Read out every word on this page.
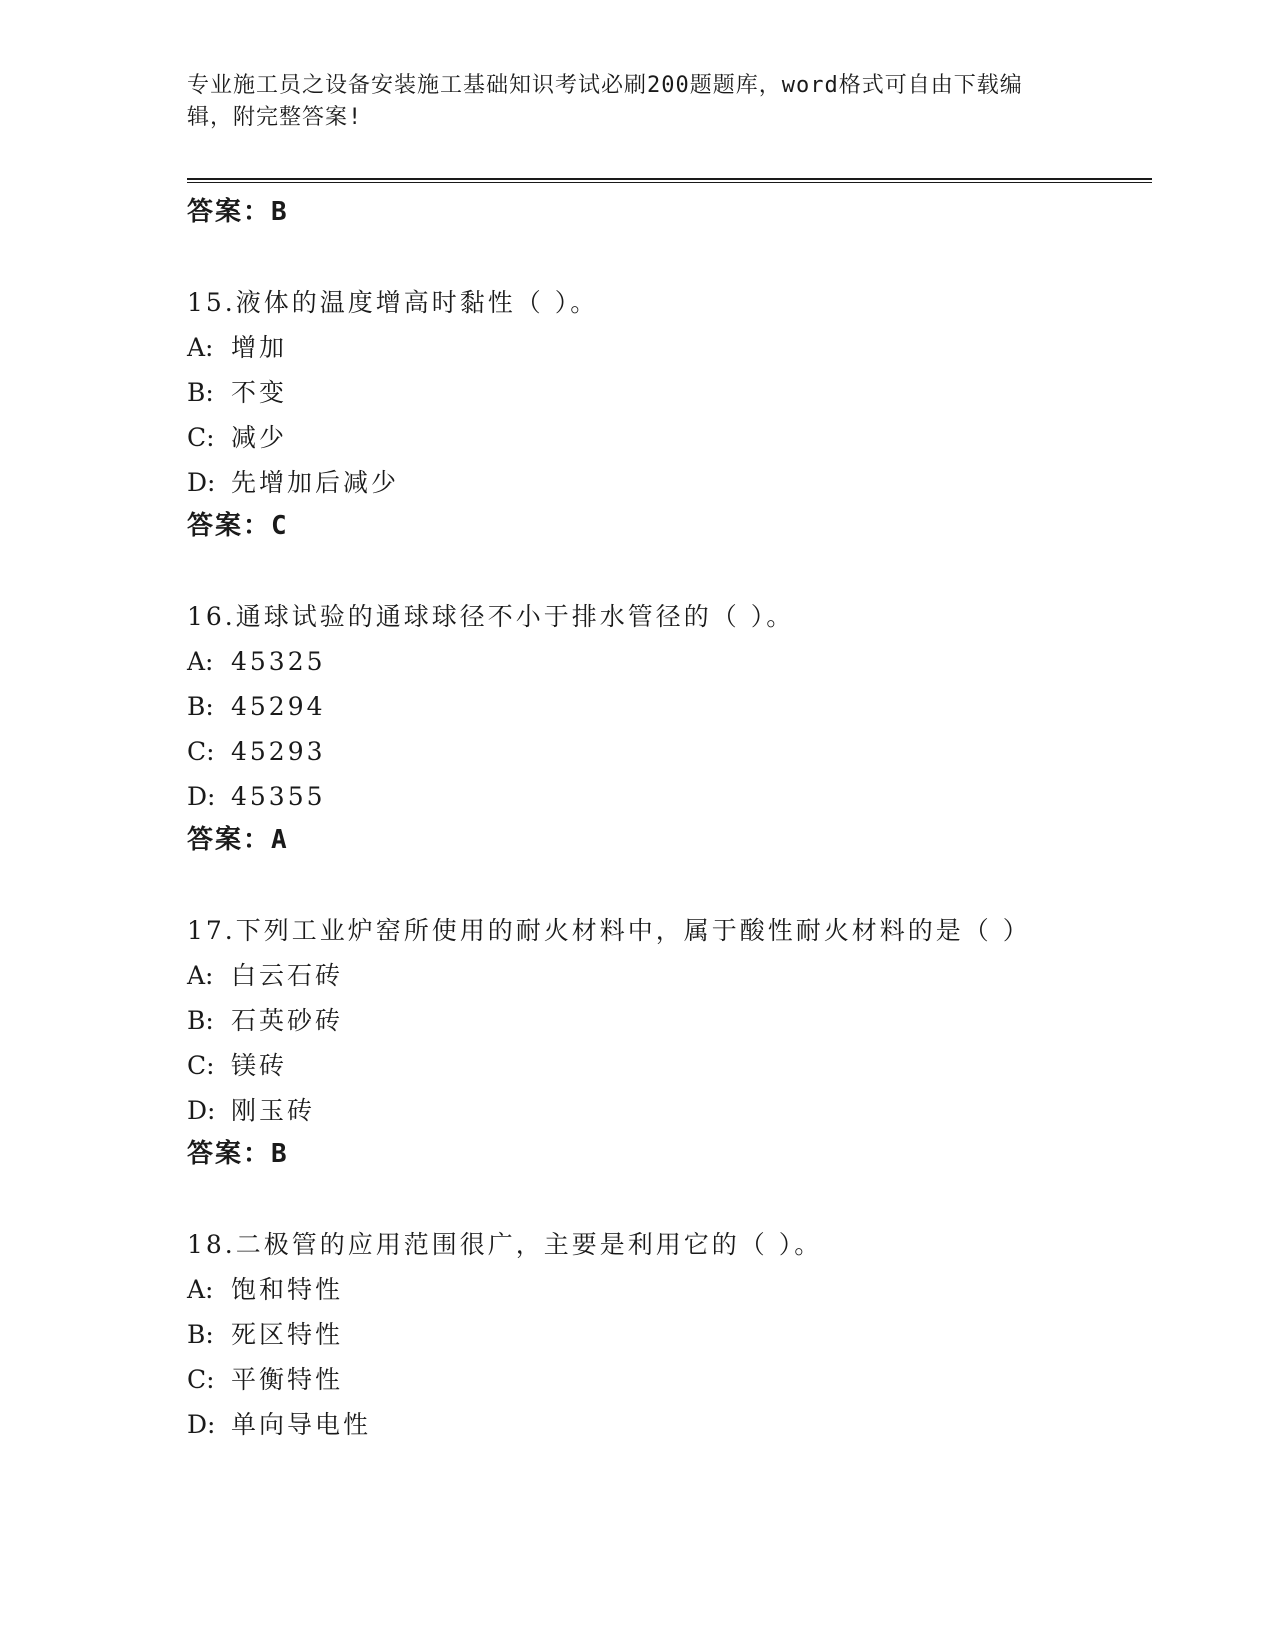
专业施工员之设备安装施工基础知识考试必刷200题题库，word格式可自由下载编辑，附完整答案!

答案：B

15.液体的温度增高时黏性（ ）。

A: 增加

B: 不变

C: 减少

D: 先增加后减少

答案：C

16.通球试验的通球球径不小于排水管径的（ ）。

A: 45325

B: 45294

C: 45293

D: 45355

答案：A

17.下列工业炉窑所使用的耐火材料中，属于酸性耐火材料的是（ ）

A: 白云石砖

B: 石英砂砖

C: 镁砖

D: 刚玉砖

答案：B

18.二极管的应用范围很广，主要是利用它的（ ）。

A: 饱和特性

B: 死区特性

C: 平衡特性

D: 单向导电性
